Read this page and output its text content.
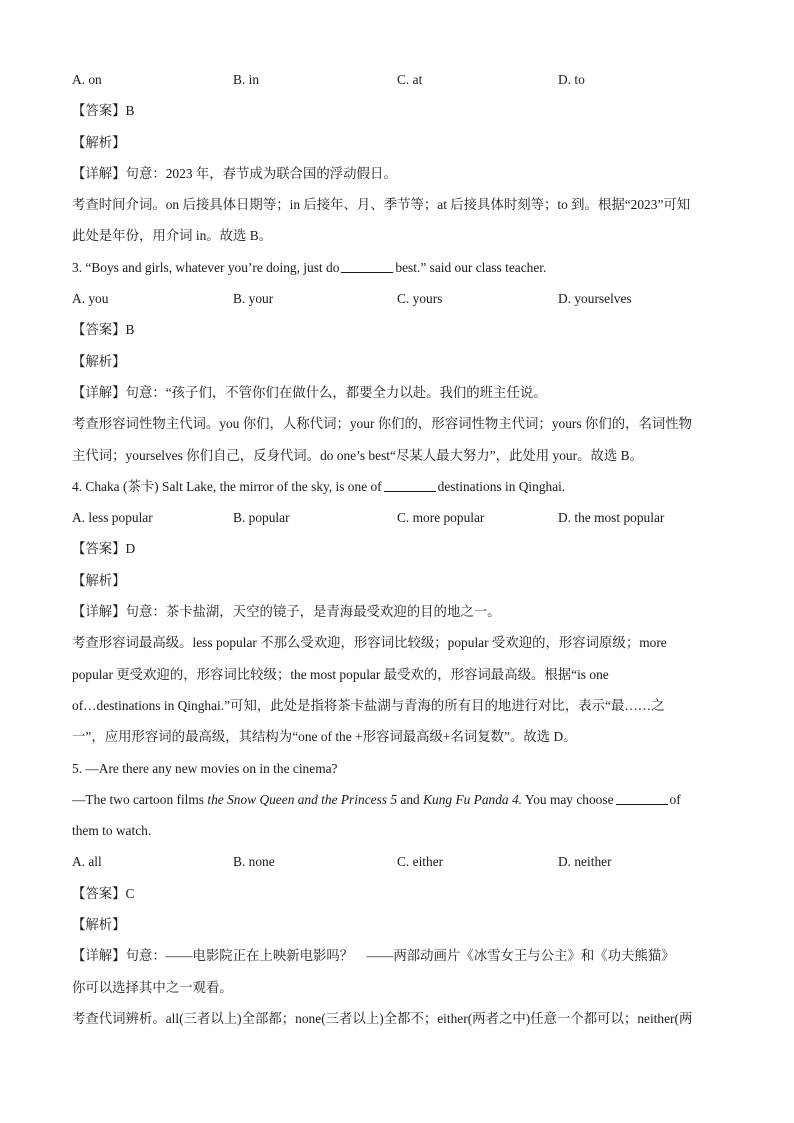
A. on	B. in	C. at	D. to
【答案】B
【解析】
【详解】句意：2023 年，春节成为联合国的浮动假日。
考查时间介词。on 后接具体日期等；in 后接年、月、季节等；at 后接具体时刻等；to 到。根据“2023”可知
此处是年份，用介词 in。故选 B。
3. “Boys and girls, whatever you’re doing, just do	best.” said our class teacher.
A. you	B. your	C. yours	D. yourselves
【答案】B
【解析】
【详解】句意：“孩子们，不管你们在做什么，都要全力以赴。我们的班主任说。
考查形容词性物主代词。you 你们，人称代词；your 你们的，形容词性物主代词；yours 你们的，名词性物
主代词；yourselves 你们自己，反身代词。do one’s best“尽某人最大努力”，此处用 your。故选 B。
4. Chaka (茶卡) Salt Lake, the mirror of the sky, is one of	destinations in Qinghai.
A. less popular	B. popular	C. more popular	D. the most popular
【答案】D
【解析】
【详解】句意：茶卡盐湖，天空的镜子，是青海最受欢迎的目的地之一。
考查形容词最高级。less popular 不那么受欢迎，形容词比较级；popular 受欢迎的，形容词原级；more
popular 更受欢迎的，形容词比较级；the most popular 最受欢的，形容词最高级。根据“is one
of…destinations in Qinghai.”可知，此处是指将茶卡盐湖与青海的所有目的地进行对比，表示“最……之
一”，应用形容词的最高级，其结构为“one of the +形容词最高级+名词复数”。故选 D。
5. —Are there any new movies on in the cinema?
—The two cartoon films the Snow Queen and the Princess 5 and Kung Fu Panda 4. You may choose	of
them to watch.
A. all	B. none	C. either	D. neither
【答案】C
【解析】
【详解】句意：——电影院正在上映新电影吗？　——两部动画片《冰雪女王与公主》和《功夫熊猫》
你可以选择其中之一观看。
考查代词辨析。all(三者以上)全部都；none(三者以上)全都不；either(两者之中)任意一个都可以；neither(两
